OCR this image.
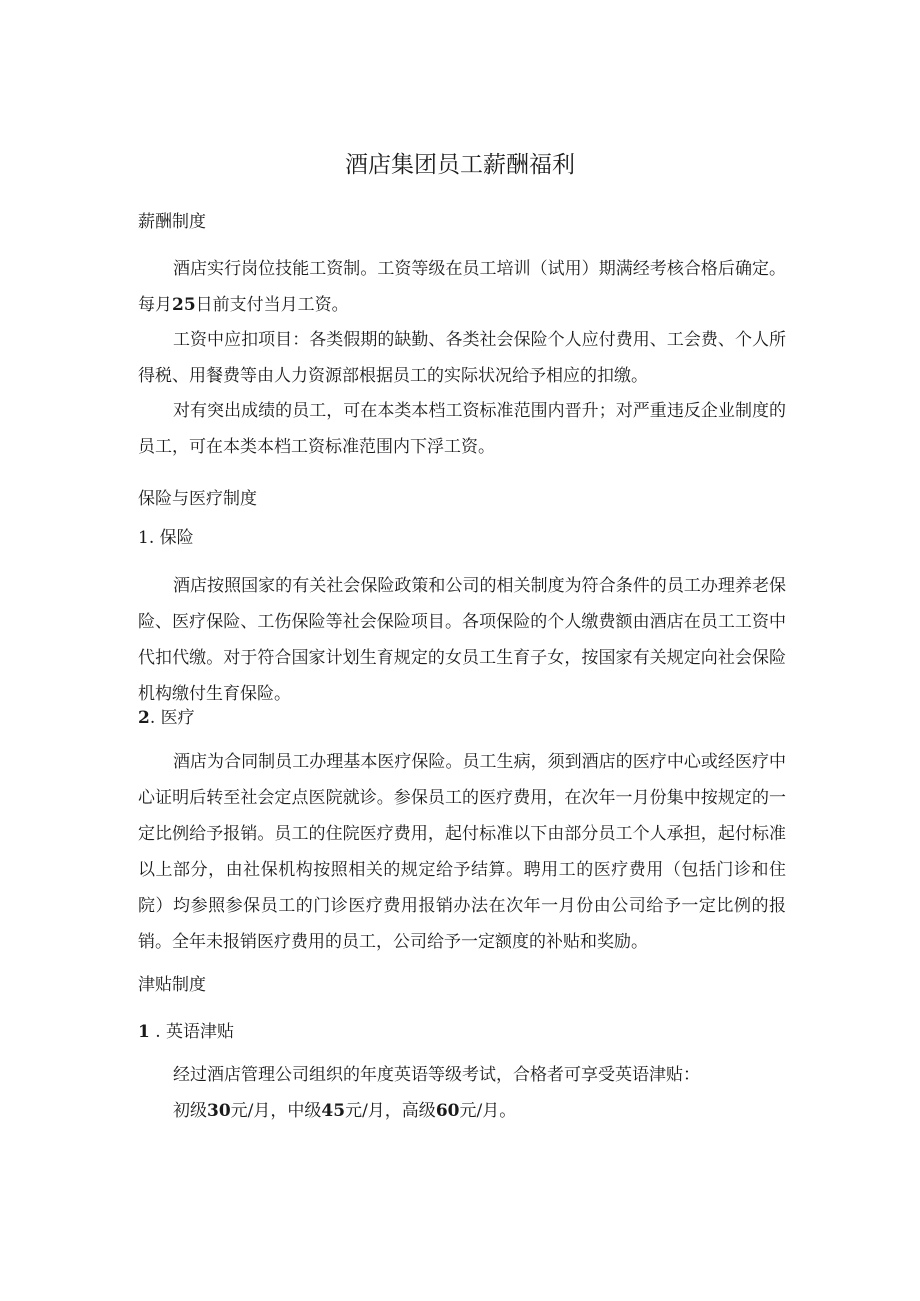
酒店集团员工薪酬福利

薪酬制度

酒店实行岗位技能工资制。工资等级在员工培训（试用）期满经考核合格后确定。每月25日前支付当月工资。

工资中应扣项目：各类假期的缺勤、各类社会保险个人应付费用、工会费、个人所得税、用餐费等由人力资源部根据员工的实际状况给予相应的扣缴。

对有突出成绩的员工，可在本类本档工资标准范围内晋升；对严重违反企业制度的员工，可在本类本档工资标准范围内下浮工资。

保险与医疗制度

1. 保险

酒店按照国家的有关社会保险政策和公司的相关制度为符合条件的员工办理养老保险、医疗保险、工伤保险等社会保险项目。各项保险的个人缴费额由酒店在员工工资中代扣代缴。对于符合国家计划生育规定的女员工生育子女，按国家有关规定向社会保险机构缴付生育保险。

2. 医疗

酒店为合同制员工办理基本医疗保险。员工生病，须到酒店的医疗中心或经医疗中心证明后转至社会定点医院就诊。参保员工的医疗费用，在次年一月份集中按规定的一定比例给予报销。员工的住院医疗费用，起付标准以下由部分员工个人承担，起付标准以上部分，由社保机构按照相关的规定给予结算。聘用工的医疗费用（包括门诊和住院）均参照参保员工的门诊医疗费用报销办法在次年一月份由公司给予一定比例的报销。全年未报销医疗费用的员工，公司给予一定额度的补贴和奖励。

津贴制度

1 . 英语津贴

经过酒店管理公司组织的年度英语等级考试，合格者可享受英语津贴：

初级30元/月，中级45元/月，高级60元/月。
